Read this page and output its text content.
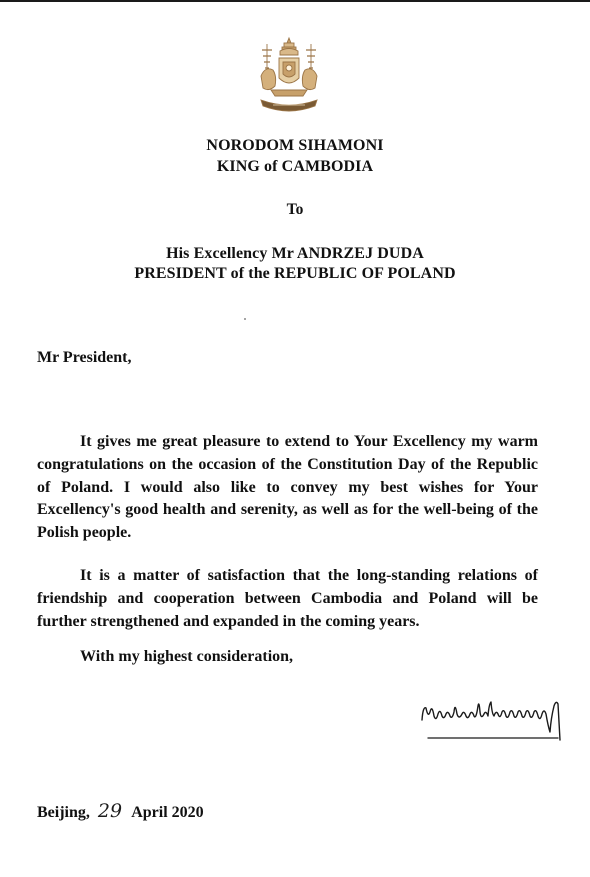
NORODOM SIHAMONI
KING of CAMBODIA
To
His Excellency Mr ANDRZEJ DUDA
PRESIDENT of the REPUBLIC OF POLAND
Mr President,

It gives me great pleasure to extend to Your Excellency my warm congratulations on the occasion of the Constitution Day of the Republic of Poland. I would also like to convey my best wishes for Your Excellency's good health and serenity, as well as for the well-being of the Polish people.

It is a matter of satisfaction that the long-standing relations of friendship and cooperation between Cambodia and Poland will be further strengthened and expanded in the coming years.

With my highest consideration,
Beijing, 29 April 2020
